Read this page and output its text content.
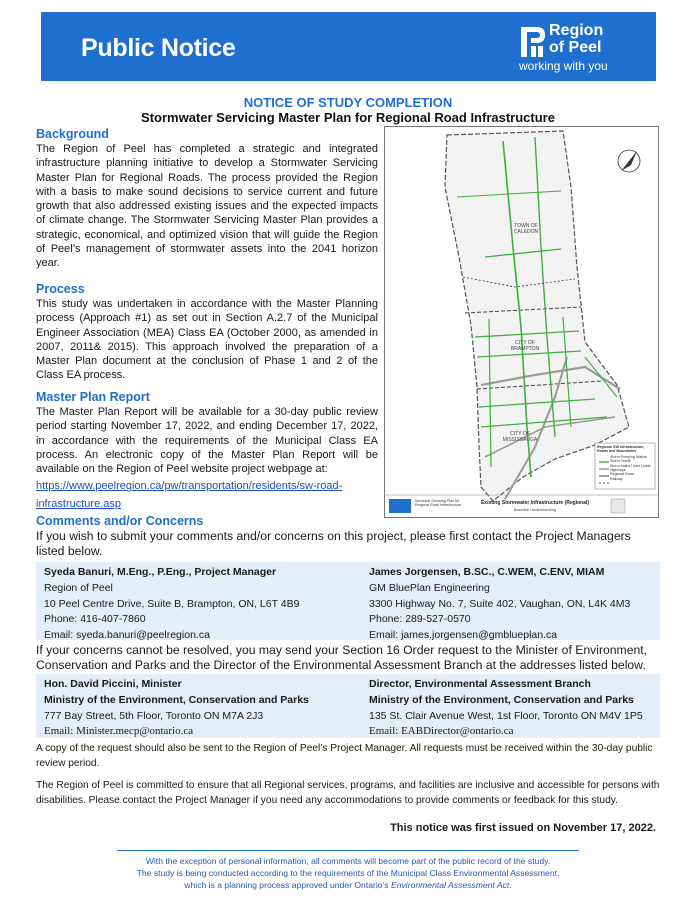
Public Notice
Region
of Peel
working with you
NOTICE OF STUDY COMPLETION
Stormwater Servicing Master Plan for Regional Road Infrastructure
Background
The Region of Peel has completed a strategic and integrated infrastructure planning initiative to develop a Stormwater Servicing Master Plan for Regional Roads. The process provided the Region with a basis to make sound decisions to service current and future growth that also addressed existing issues and the expected impacts of climate change. The Stormwater Servicing Master Plan provides a strategic, economical, and optimized vision that will guide the Region of Peel’s management of stormwater assets into the 2041 horizon year.
Process
This study was undertaken in accordance with the Master Planning process (Approach #1) as set out in Section A.2.7 of the Municipal Engineer Association (MEA) Class EA (October 2000, as amended in 2007, 2011& 2015). This approach involved the preparation of a Master Plan document at the conclusion of Phase 1 and 2 of the Class EA process.
Master Plan Report
The Master Plan Report will be available for a 30-day public review period starting November 17, 2022, and ending December 17, 2022, in accordance with the requirements of the Municipal Class EA process. An electronic copy of the Master Plan Report will be available on the Region of Peel website project webpage at:
https://www.peelregion.ca/pw/transportation/residents/sw-road-infrastructure.asp
TOWN OF CALEDON
CITY OF BRAMPTON
CITY OF MISSISSAUGA
Regional SW Infrastructure, Roads and Boundaries
Storm Pumping Station
Storm Outfall
Storm Mains / Inlet Leads
Highways
Regional Road
Railway
Municipal Servicing Plan for Regional Road Infrastructure	Existing Stormwater Infrastructure (Regional)
Baseline Understanding
Comments and/or Concerns
If you wish to submit your comments and/or concerns on this project, please first contact the Project Managers listed below.
Syeda Banuri, M.Eng., P.Eng., Project Manager
Region of Peel
10 Peel Centre Drive, Suite B, Brampton, ON, L6T 4B9
Phone: 416-407-7860
Email: syeda.banuri@peelregion.ca
James Jorgensen, B.SC., C.WEM, C.ENV, MIAM
GM BluePlan Engineering
3300 Highway No. 7, Suite 402, Vaughan, ON, L4K 4M3
Phone: 289-527-0570
Email: james.jorgensen@gmblueplan.ca
If your concerns cannot be resolved, you may send your Section 16 Order request to the Minister of Environment, Conservation and Parks and the Director of the Environmental Assessment Branch at the addresses listed below.
Hon. David Piccini, Minister
Ministry of the Environment, Conservation and Parks
777 Bay Street, 5th Floor, Toronto ON M7A 2J3
Email: Minister.mecp@ontario.ca
Director, Environmental Assessment Branch
Ministry of the Environment, Conservation and Parks
135 St. Clair Avenue West, 1st Floor, Toronto ON M4V 1P5
Email: EABDirector@ontario.ca
A copy of the request should also be sent to the Region of Peel’s Project Manager. All requests must be received within the 30-day public review period.
The Region of Peel is committed to ensure that all Regional services, programs, and facilities are inclusive and accessible for persons with disabilities. Please contact the Project Manager if you need any accommodations to provide comments or feedback for this study.
This notice was first issued on November 17, 2022.
With the exception of personal information, all comments will become part of the public record of the study.
The study is being conducted according to the requirements of the Municipal Class Environmental Assessment,
which is a planning process approved under Ontario’s Environmental Assessment Act.
